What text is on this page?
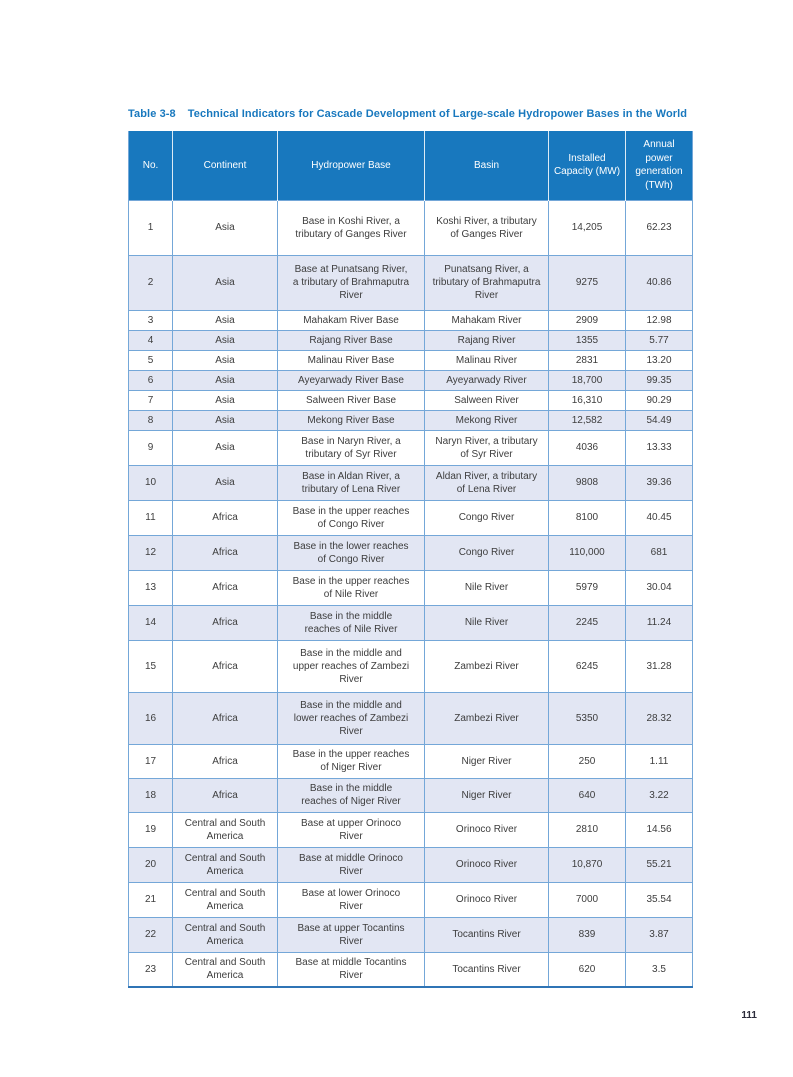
Table 3-8 Technical Indicators for Cascade Development of Large-scale Hydropower Bases in the World
No.	Continent	Hydropower Base	Basin	Installed Capacity (MW)	Annual power generation (TWh)
1	Asia	Base in Koshi River, a tributary of Ganges River	Koshi River, a tributary of Ganges River	14,205	62.23
2	Asia	Base at Punatsang River, a tributary of Brahmaputra River	Punatsang River, a tributary of Brahmaputra River	9275	40.86
3	Asia	Mahakam River Base	Mahakam River	2909	12.98
4	Asia	Rajang River Base	Rajang River	1355	5.77
5	Asia	Malinau River Base	Malinau River	2831	13.20
6	Asia	Ayeyarwady River Base	Ayeyarwady River	18,700	99.35
7	Asia	Salween River Base	Salween River	16,310	90.29
8	Asia	Mekong River Base	Mekong River	12,582	54.49
9	Asia	Base in Naryn River, a tributary of Syr River	Naryn River, a tributary of Syr River	4036	13.33
10	Asia	Base in Aldan River, a tributary of Lena River	Aldan River, a tributary of Lena River	9808	39.36
11	Africa	Base in the upper reaches of Congo River	Congo River	8100	40.45
12	Africa	Base in the lower reaches of Congo River	Congo River	110,000	681
13	Africa	Base in the upper reaches of Nile River	Nile River	5979	30.04
14	Africa	Base in the middle reaches of Nile River	Nile River	2245	11.24
15	Africa	Base in the middle and upper reaches of Zambezi River	Zambezi River	6245	31.28
16	Africa	Base in the middle and lower reaches of Zambezi River	Zambezi River	5350	28.32
17	Africa	Base in the upper reaches of Niger River	Niger River	250	1.11
18	Africa	Base in the middle reaches of Niger River	Niger River	640	3.22
19	Central and South America	Base at upper Orinoco River	Orinoco River	2810	14.56
20	Central and South America	Base at middle Orinoco River	Orinoco River	10,870	55.21
21	Central and South America	Base at lower Orinoco River	Orinoco River	7000	35.54
22	Central and South America	Base at upper Tocantins River	Tocantins River	839	3.87
23	Central and South America	Base at middle Tocantins River	Tocantins River	620	3.5
111
